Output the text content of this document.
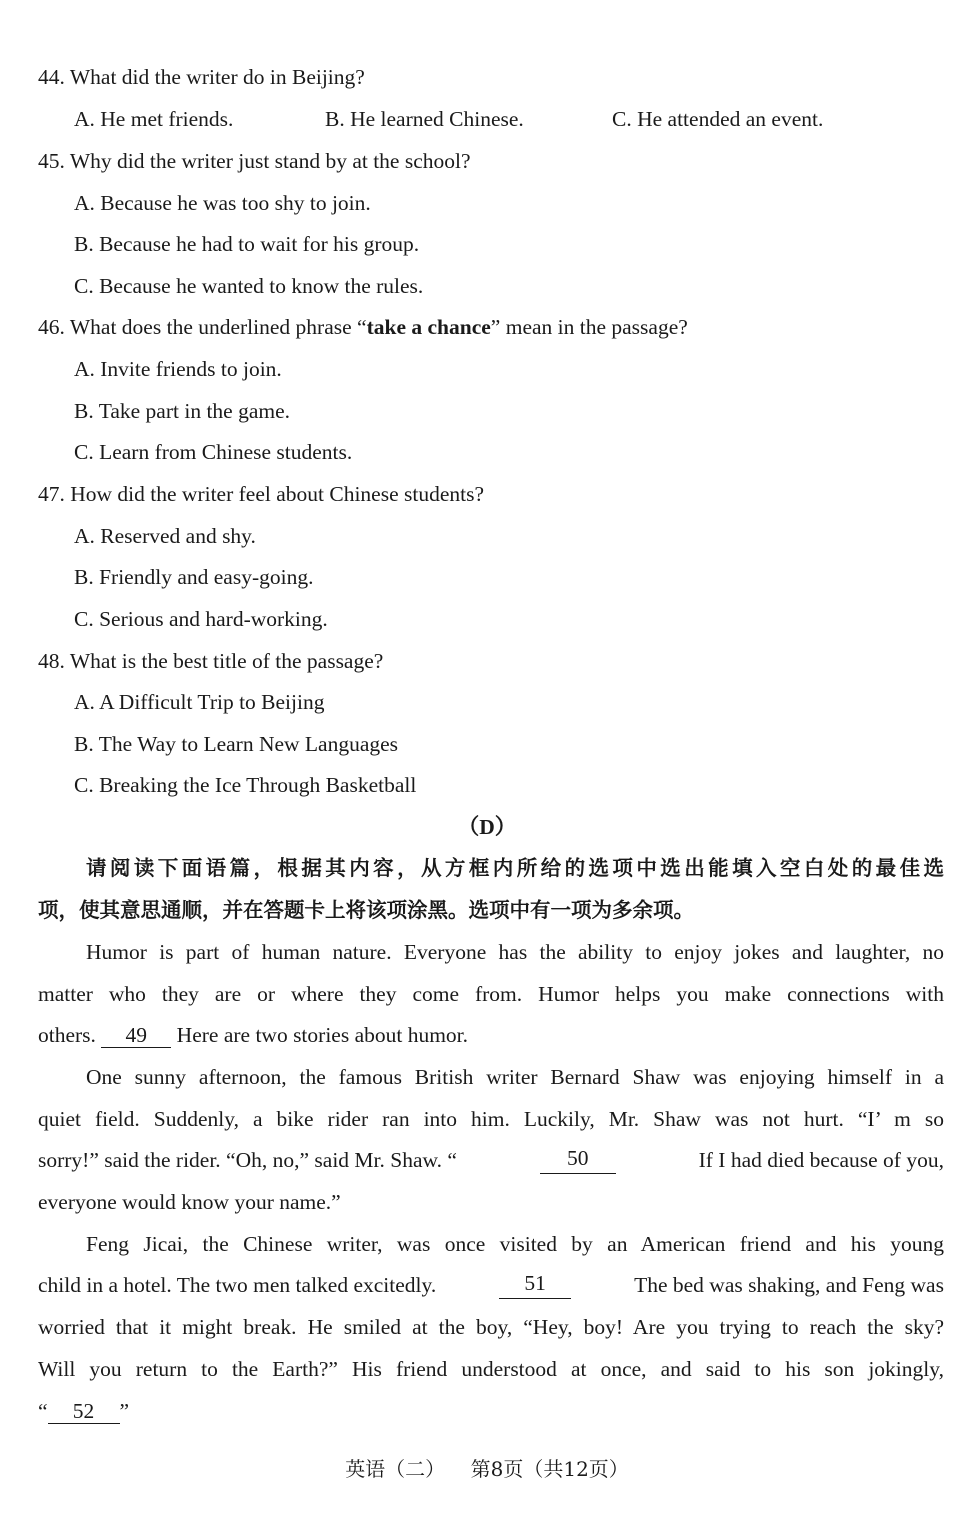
44. What did the writer do in Beijing?
A. He met friends.	B. He learned Chinese.	C. He attended an event.
45. Why did the writer just stand by at the school?
A. Because he was too shy to join.
B. Because he had to wait for his group.
C. Because he wanted to know the rules.
46. What does the underlined phrase “take a chance” mean in the passage?
A. Invite friends to join.
B. Take part in the game.
C. Learn from Chinese students.
47. How did the writer feel about Chinese students?
A. Reserved and shy.
B. Friendly and easy-going.
C. Serious and hard-working.
48. What is the best title of the passage?
A. A Difficult Trip to Beijing
B. The Way to Learn New Languages
C. Breaking the Ice Through Basketball
（D）
请阅读下面语篇，根据其内容，从方框内所给的选项中选出能填入空白处的最佳选
项，使其意思通顺，并在答题卡上将该项涂黑。选项中有一项为多余项。
Humor is part of human nature. Everyone has the ability to enjoy jokes and laughter, no
matter who they are or where they come from. Humor helps you make connections with
others. 49 Here are two stories about humor.
One sunny afternoon, the famous British writer Bernard Shaw was enjoying himself in a
quiet field. Suddenly, a bike rider ran into him. Luckily, Mr. Shaw was not hurt. “I’ m so
sorry!” said the rider. “Oh, no,” said Mr. Shaw. “	50	If I had died because of you,
everyone would know your name.”
Feng Jicai, the Chinese writer, was once visited by an American friend and his young
child in a hotel. The two men talked excitedly.	51	The bed was shaking, and Feng was
worried that it might break. He smiled at the boy, “Hey, boy! Are you trying to reach the sky?
Will you return to the Earth?” His friend understood at once, and said to his son jokingly,
“ 52 ”
英语（二） 第8页（共12页）
